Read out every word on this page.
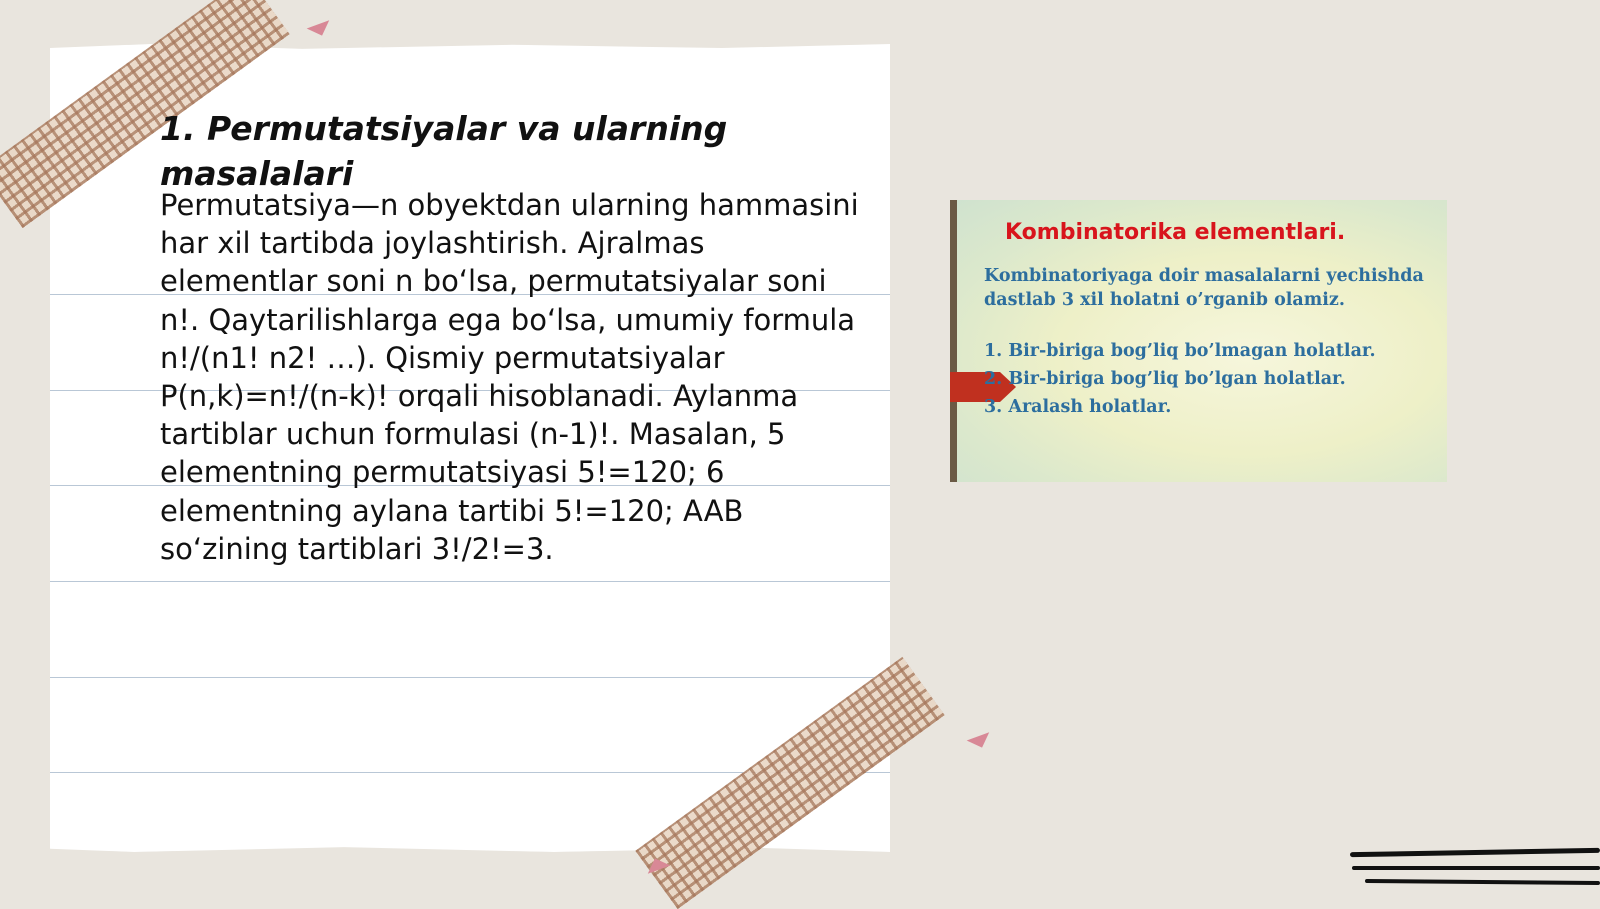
1. Permutatsiyalar va ularning masalalari

Permutatsiya—n obyektdan ularning hammasini har xil tartibda joylashtirish. Ajralmas elementlar soni n bo‘lsa, permutatsiyalar soni n!. Qaytarilishlarga ega bo‘lsa, umumiy formula n!/(n1! n2! …). Qismiy permutatsiyalar P(n,k)=n!/(n-k)! orqali hisoblanadi. Aylanma tartiblar uchun formulasi (n-1)!. Masalan, 5 elementning permutatsiyasi 5!=120; 6 elementning aylana tartibi 5!=120; AAB so‘zining tartiblari 3!/2!=3.

Kombinatorika elementlari.

Kombinatoriyaga doir masalalarni yechishda dastlab 3 xil holatni o’rganib olamiz.

1. Bir-biriga bog’liq bo’lmagan holatlar.
2. Bir-biriga bog’liq bo’lgan holatlar.
3. Aralash holatlar.
